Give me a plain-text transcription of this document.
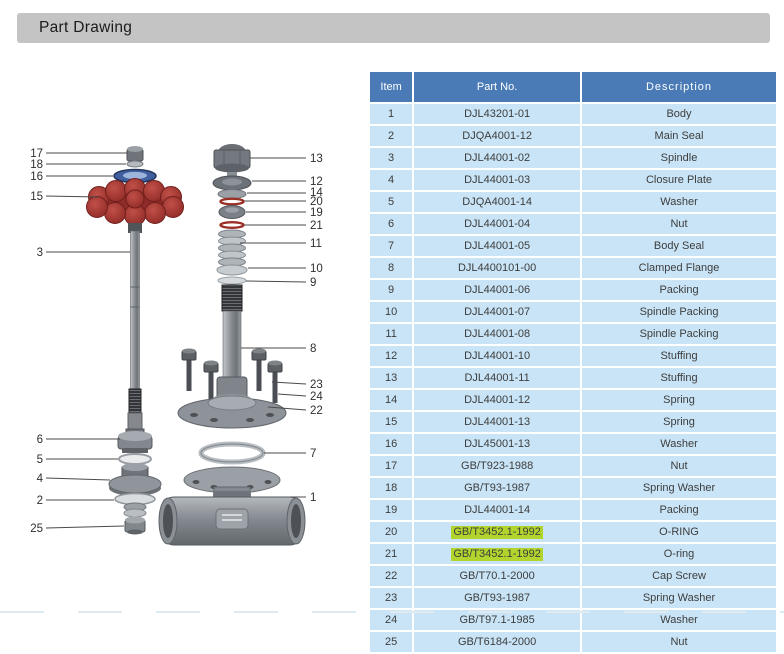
Part Drawing
17
18
16
15
3
6
5
4
2
25
13
12
14
20
19
21
11
10
9
8
23
24
22
7
1
Item	Part No.	Description
1	DJL43201-01	Body
2	DJQA4001-12	Main Seal
3	DJL44001-02	Spindle
4	DJL44001-03	Closure Plate
5	DJQA4001-14	Washer
6	DJL44001-04	Nut
7	DJL44001-05	Body Seal
8	DJL4400101-00	Clamped Flange
9	DJL44001-06	Packing
10	DJL44001-07	Spindle Packing
11	DJL44001-08	Spindle Packing
12	DJL44001-10	Stuffing
13	DJL44001-11	Stuffing
14	DJL44001-12	Spring
15	DJL44001-13	Spring
16	DJL45001-13	Washer
17	GB/T923-1988	Nut
18	GB/T93-1987	Spring Washer
19	DJL44001-14	Packing
20	GB/T3452.1-1992	O-RING
21	GB/T3452.1-1992	O-ring
22	GB/T70.1-2000	Cap Screw
23	GB/T93-1987	Spring Washer
24	GB/T97.1-1985	Washer
25	GB/T6184-2000	Nut
